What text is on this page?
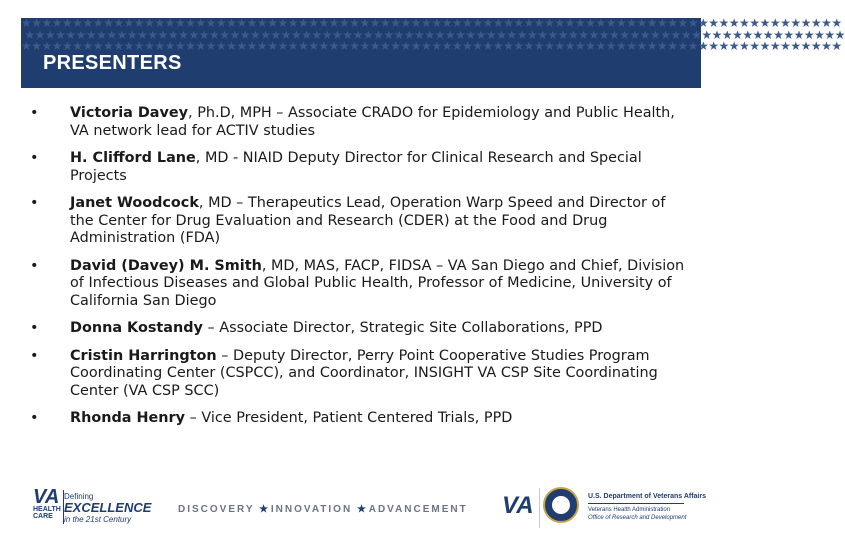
★★★★★★★★★★★★★★★★★★★★★★★★★★★★★★★★★★★★★★★★★★★★★★★★★★★★★★★★★★★★★★★★★★★★★★★★★★★★★★★★
★★★★★★★★★★★★★★★★★★★★★★★★★★★★★★★★★★★★★★★★★★★★★★★★★★★★★★★★★★★★★★★★★★★★★★★★★★★★★★★★
★★★★★★★★★★★★★★★★★★★★★★★★★★★★★★★★★★★★★★★★★★★★★★★★★★★★★★★★★★★★★★★★★★★★★★★★★★★★★★★★
PRESENTERS
• Victoria Davey, Ph.D, MPH – Associate CRADO for Epidemiology and Public Health, VA network lead for ACTIV studies
• H. Clifford Lane, MD - NIAID Deputy Director for Clinical Research and Special Projects
• Janet Woodcock, MD – Therapeutics Lead, Operation Warp Speed and Director of the Center for Drug Evaluation and Research (CDER) at the Food and Drug Administration (FDA)
• David (Davey) M. Smith, MD, MAS, FACP, FIDSA – VA San Diego and Chief, Division of Infectious Diseases and Global Public Health, Professor of Medicine, University of California San Diego
• Donna Kostandy – Associate Director, Strategic Site Collaborations, PPD
• Cristin Harrington – Deputy Director, Perry Point Cooperative Studies Program Coordinating Center (CSPCC), and Coordinator, INSIGHT VA CSP Site Coordinating Center (VA CSP SCC)
• Rhonda Henry – Vice President, Patient Centered Trials, PPD
VA
HEALTH
CARE
Defining
EXCELLENCE
in the 21st Century
DISCOVERY ★ INNOVATION ★ ADVANCEMENT VA	U.S. Department of Veterans Affairs
Veterans Health Administration
Office of Research and Development
